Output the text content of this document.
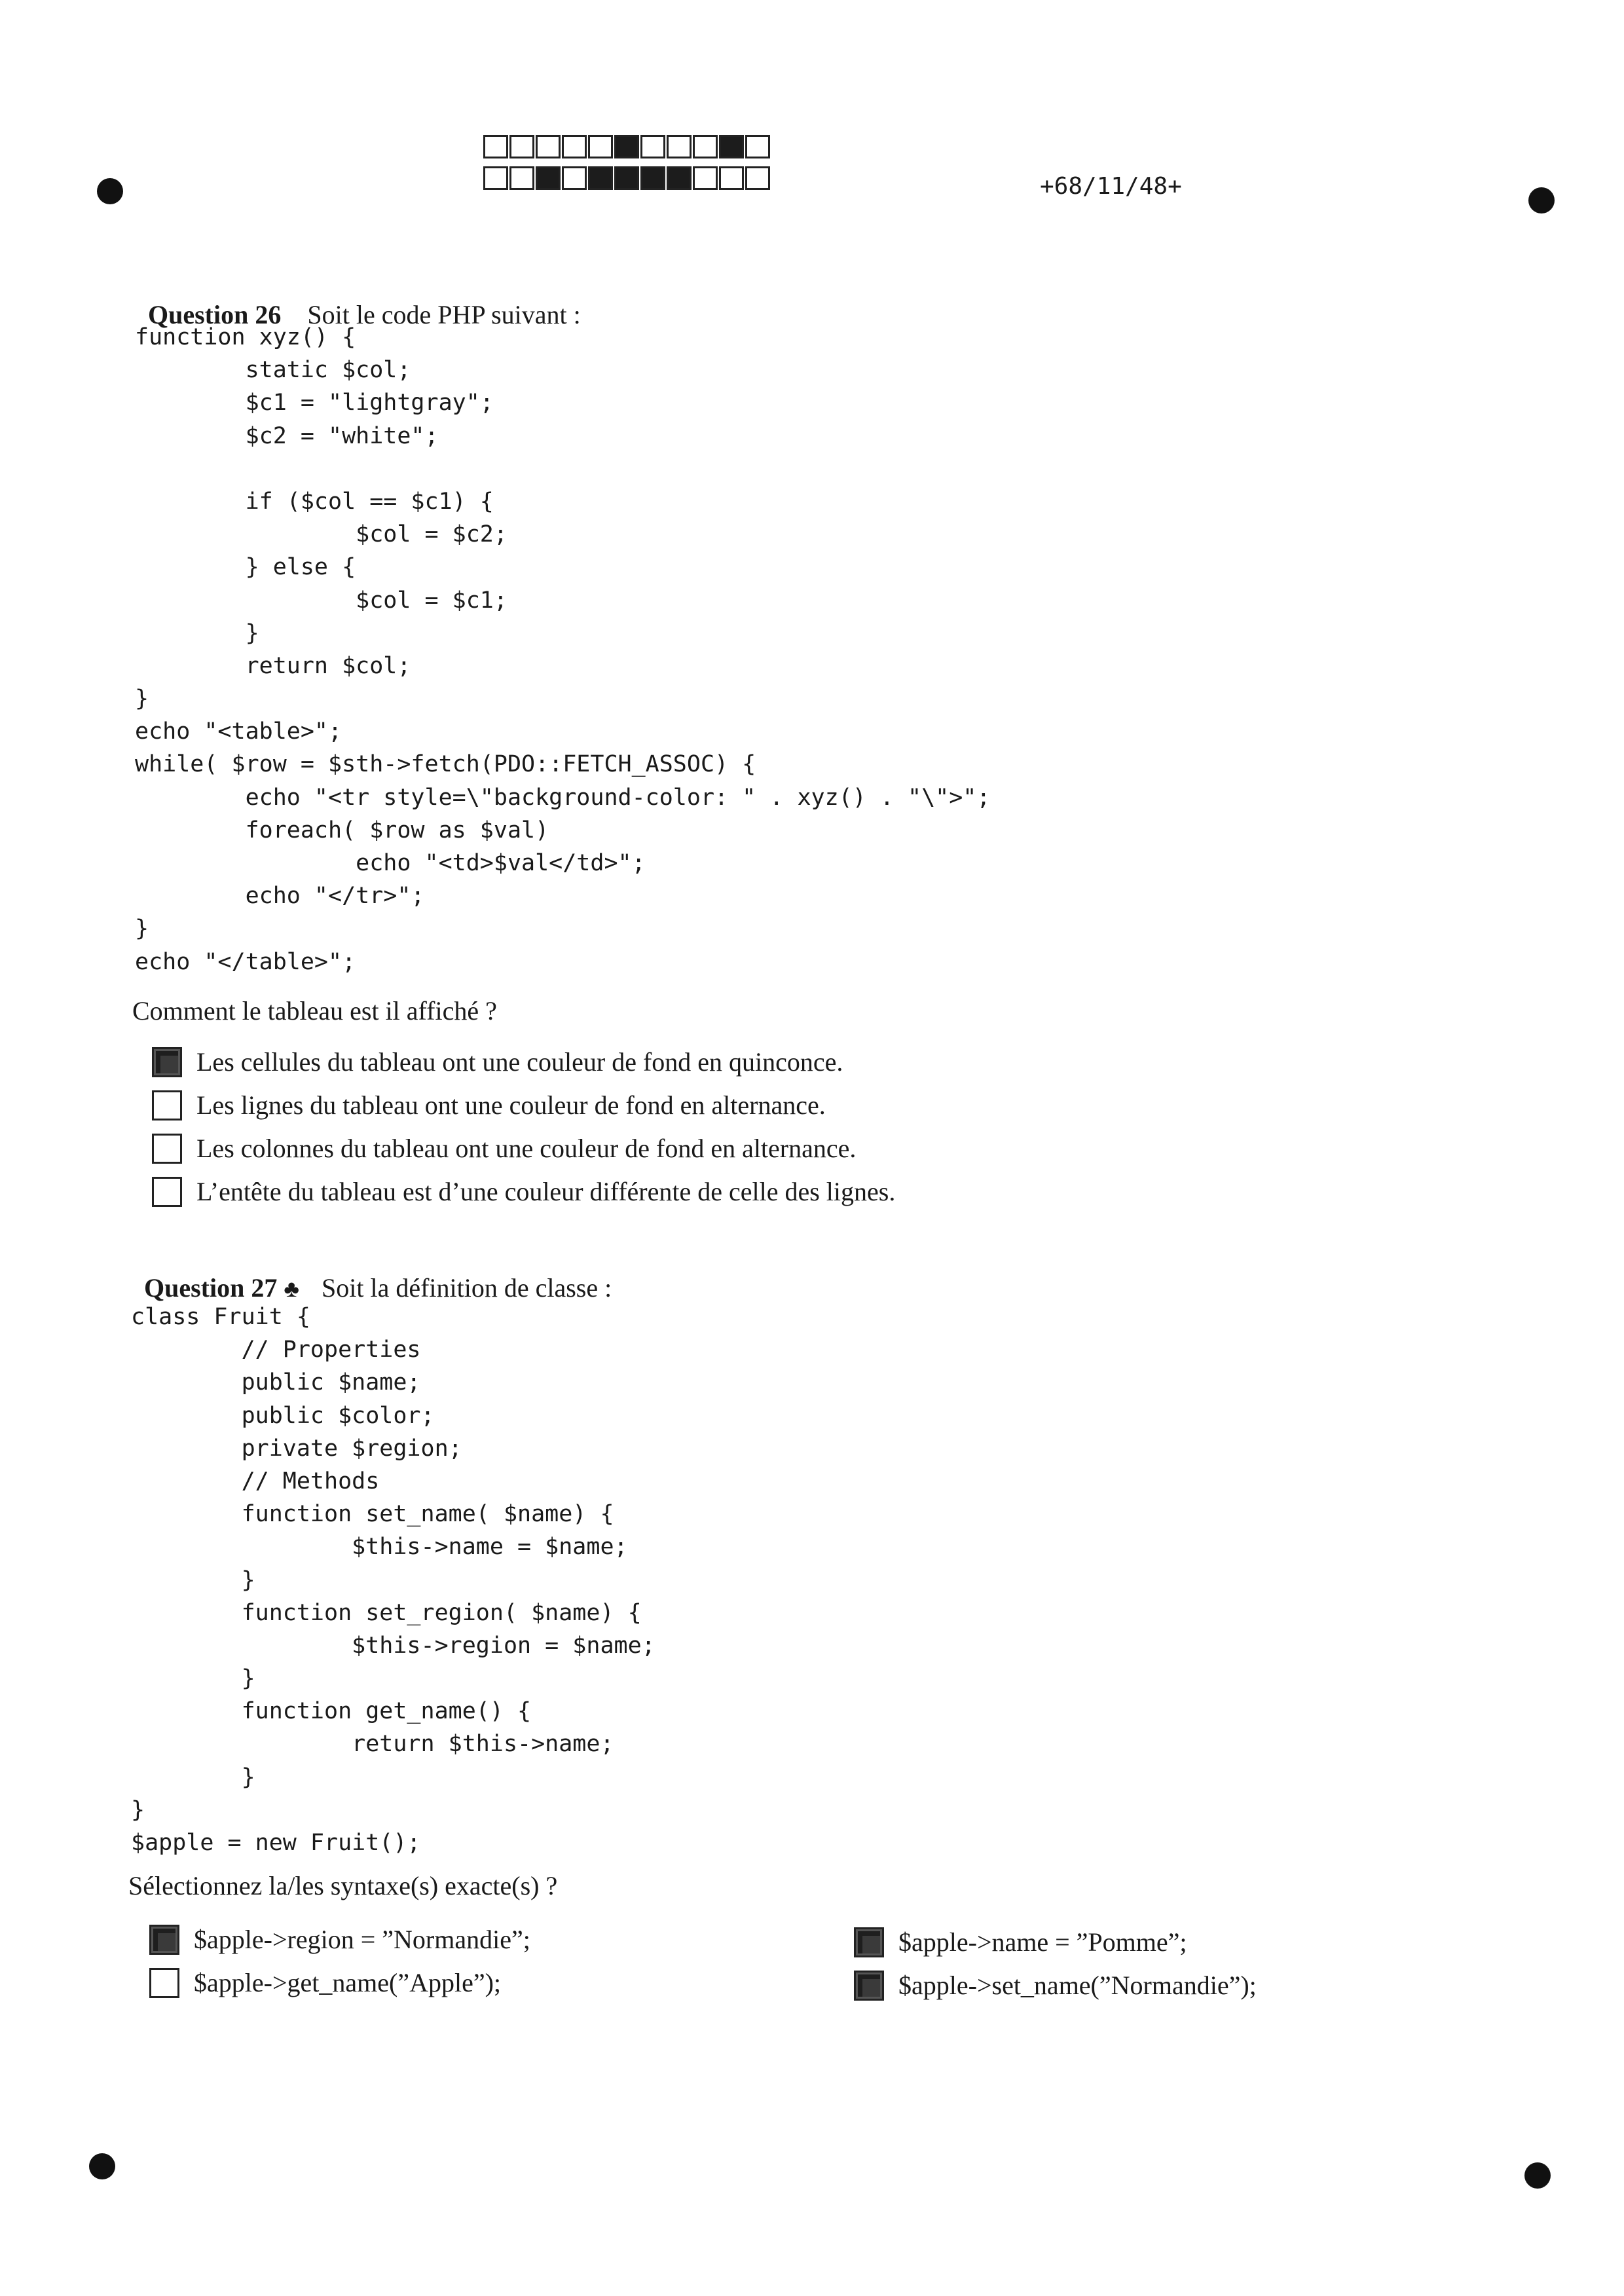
+68/11/48+

Question 26 Soit le code PHP suivant :

function xyz() {
static $col;
$c1 = "lightgray";
$c2 = "white";
if ($col == $c1) {
$col = $c2;
} else {
$col = $c1;
}
return $col;
}
echo "<table>";
while( $row = $sth->fetch(PDO::FETCH_ASSOC) {
echo "<tr style=\"background-color: " . xyz() . "\">";
foreach( $row as $val)
echo "<td>$val</td>";
echo "</tr>";
}
echo "</table>";
Comment le tableau est il affiché ?
Les cellules du tableau ont une couleur de fond en quinconce.
Les lignes du tableau ont une couleur de fond en alternance.
Les colonnes du tableau ont une couleur de fond en alternance.
L’entête du tableau est d’une couleur différente de celle des lignes.

Question 27 ♣ Soit la définition de classe :

class Fruit {
// Properties
public $name;
public $color;
private $region;
// Methods
function set_name( $name) {
$this->name = $name;
}
function set_region( $name) {
$this->region = $name;
}
function get_name() {
return $this->name;
}
}
$apple = new Fruit();
Sélectionnez la/les syntaxe(s) exacte(s) ?
$apple->region = ”Normandie”;
$apple->get_name(”Apple”);
$apple->name = ”Pomme”;
$apple->set_name(”Normandie”);
